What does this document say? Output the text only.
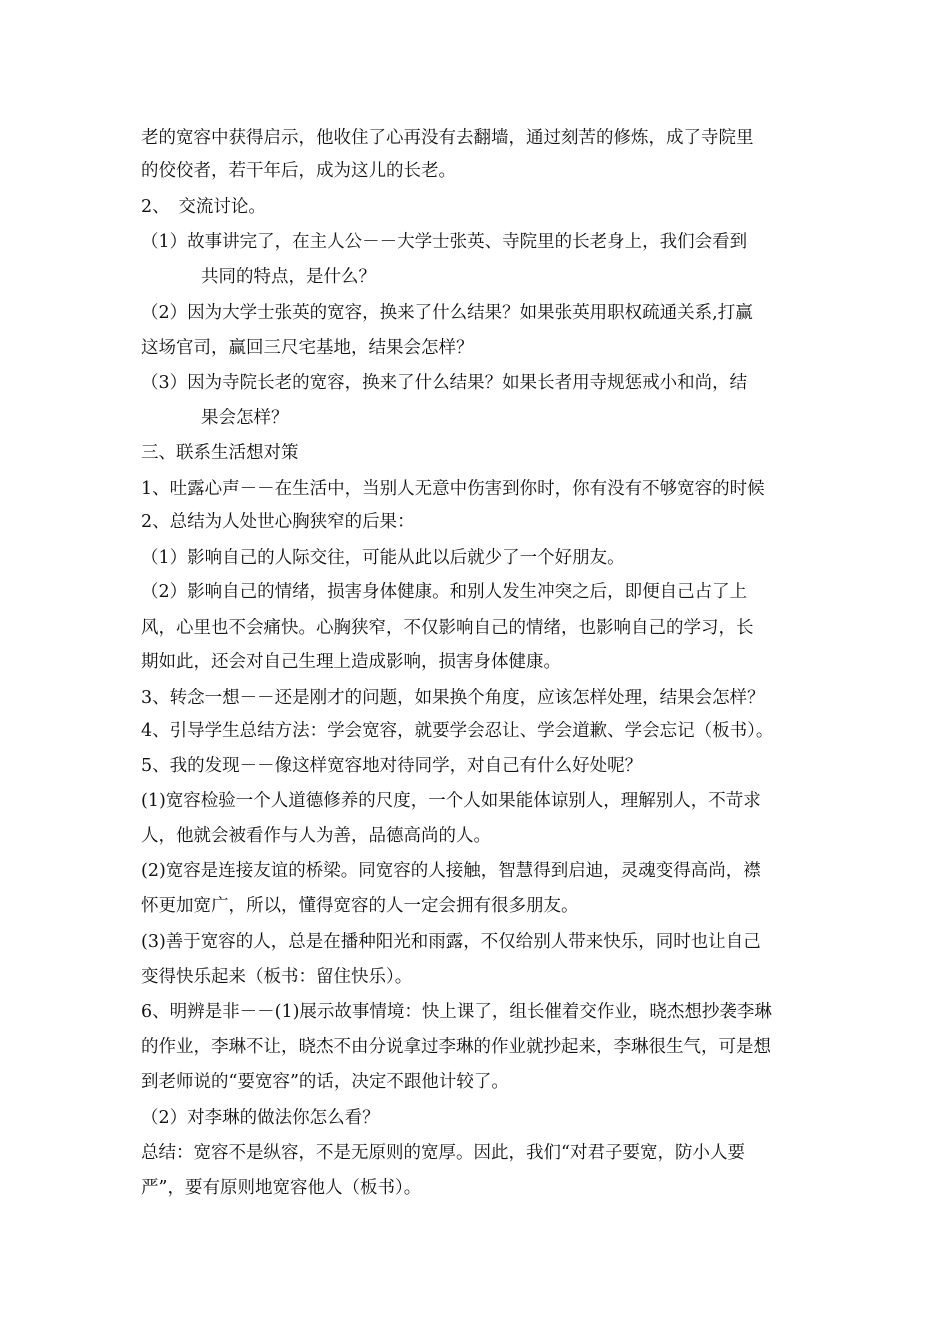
老的宽容中获得启示，他收住了心再没有去翻墙，通过刻苦的修炼，成了寺院里
的佼佼者，若干年后，成为这儿的长老。
2、　交流讨论。
（1）故事讲完了，在主人公－－大学士张英、寺院里的长老身上，我们会看到
共同的特点，是什么？
（2）因为大学士张英的宽容，换来了什么结果？如果张英用职权疏通关系,打赢
这场官司，赢回三尺宅基地，结果会怎样？
（3）因为寺院长老的宽容，换来了什么结果？如果长者用寺规惩戒小和尚，结
果会怎样？
三、联系生活想对策
1、吐露心声－－在生活中，当别人无意中伤害到你时，你有没有不够宽容的时候
2、总结为人处世心胸狭窄的后果：
（1）影响自己的人际交往，可能从此以后就少了一个好朋友。
（2）影响自己的情绪，损害身体健康。和别人发生冲突之后，即便自己占了上
风，心里也不会痛快。心胸狭窄，不仅影响自己的情绪，也影响自己的学习，长
期如此，还会对自己生理上造成影响，损害身体健康。
3、转念一想－－还是刚才的问题，如果换个角度，应该怎样处理，结果会怎样？
4、引导学生总结方法：学会宽容，就要学会忍让、学会道歉、学会忘记（板书）。
5、我的发现－－像这样宽容地对待同学，对自己有什么好处呢？
(1)宽容检验一个人道德修养的尺度，一个人如果能体谅别人，理解别人，不苛求
人，他就会被看作与人为善，品德高尚的人。
(2)宽容是连接友谊的桥梁。同宽容的人接触，智慧得到启迪，灵魂变得高尚，襟
怀更加宽广，所以，懂得宽容的人一定会拥有很多朋友。
(3)善于宽容的人，总是在播种阳光和雨露，不仅给别人带来快乐，同时也让自己
变得快乐起来（板书：留住快乐）。
6、明辨是非－－(1)展示故事情境：快上课了，组长催着交作业，晓杰想抄袭李琳
的作业，李琳不让，晓杰不由分说拿过李琳的作业就抄起来，李琳很生气，可是想
到老师说的“要宽容”的话，决定不跟他计较了。
（2）对李琳的做法你怎么看？
总结：宽容不是纵容，不是无原则的宽厚。因此，我们“对君子要宽，防小人要
严”，要有原则地宽容他人（板书）。
